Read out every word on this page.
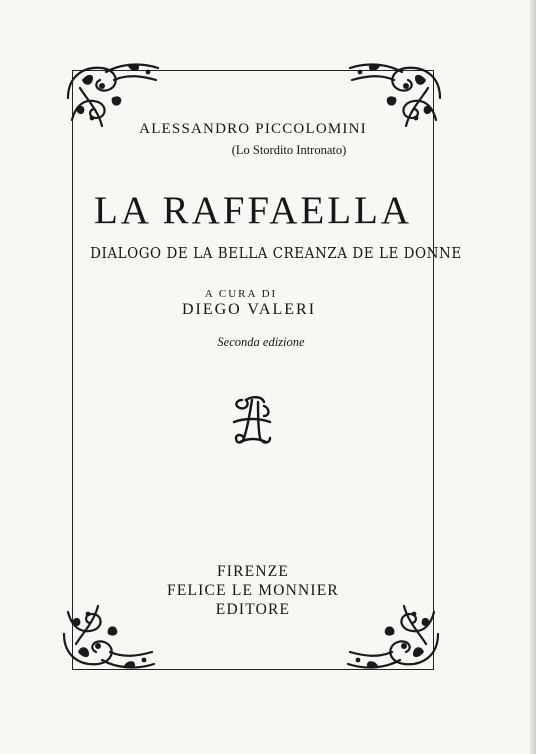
ALESSANDRO PICCOLOMINI
(Lo Stordito Intronato)
LA RAFFAELLA
DIALOGO DE LA BELLA CREANZA DE LE DONNE
A CURA DI
DIEGO VALERI
Seconda edizione
FIRENZE
FELICE LE MONNIER
EDITORE
